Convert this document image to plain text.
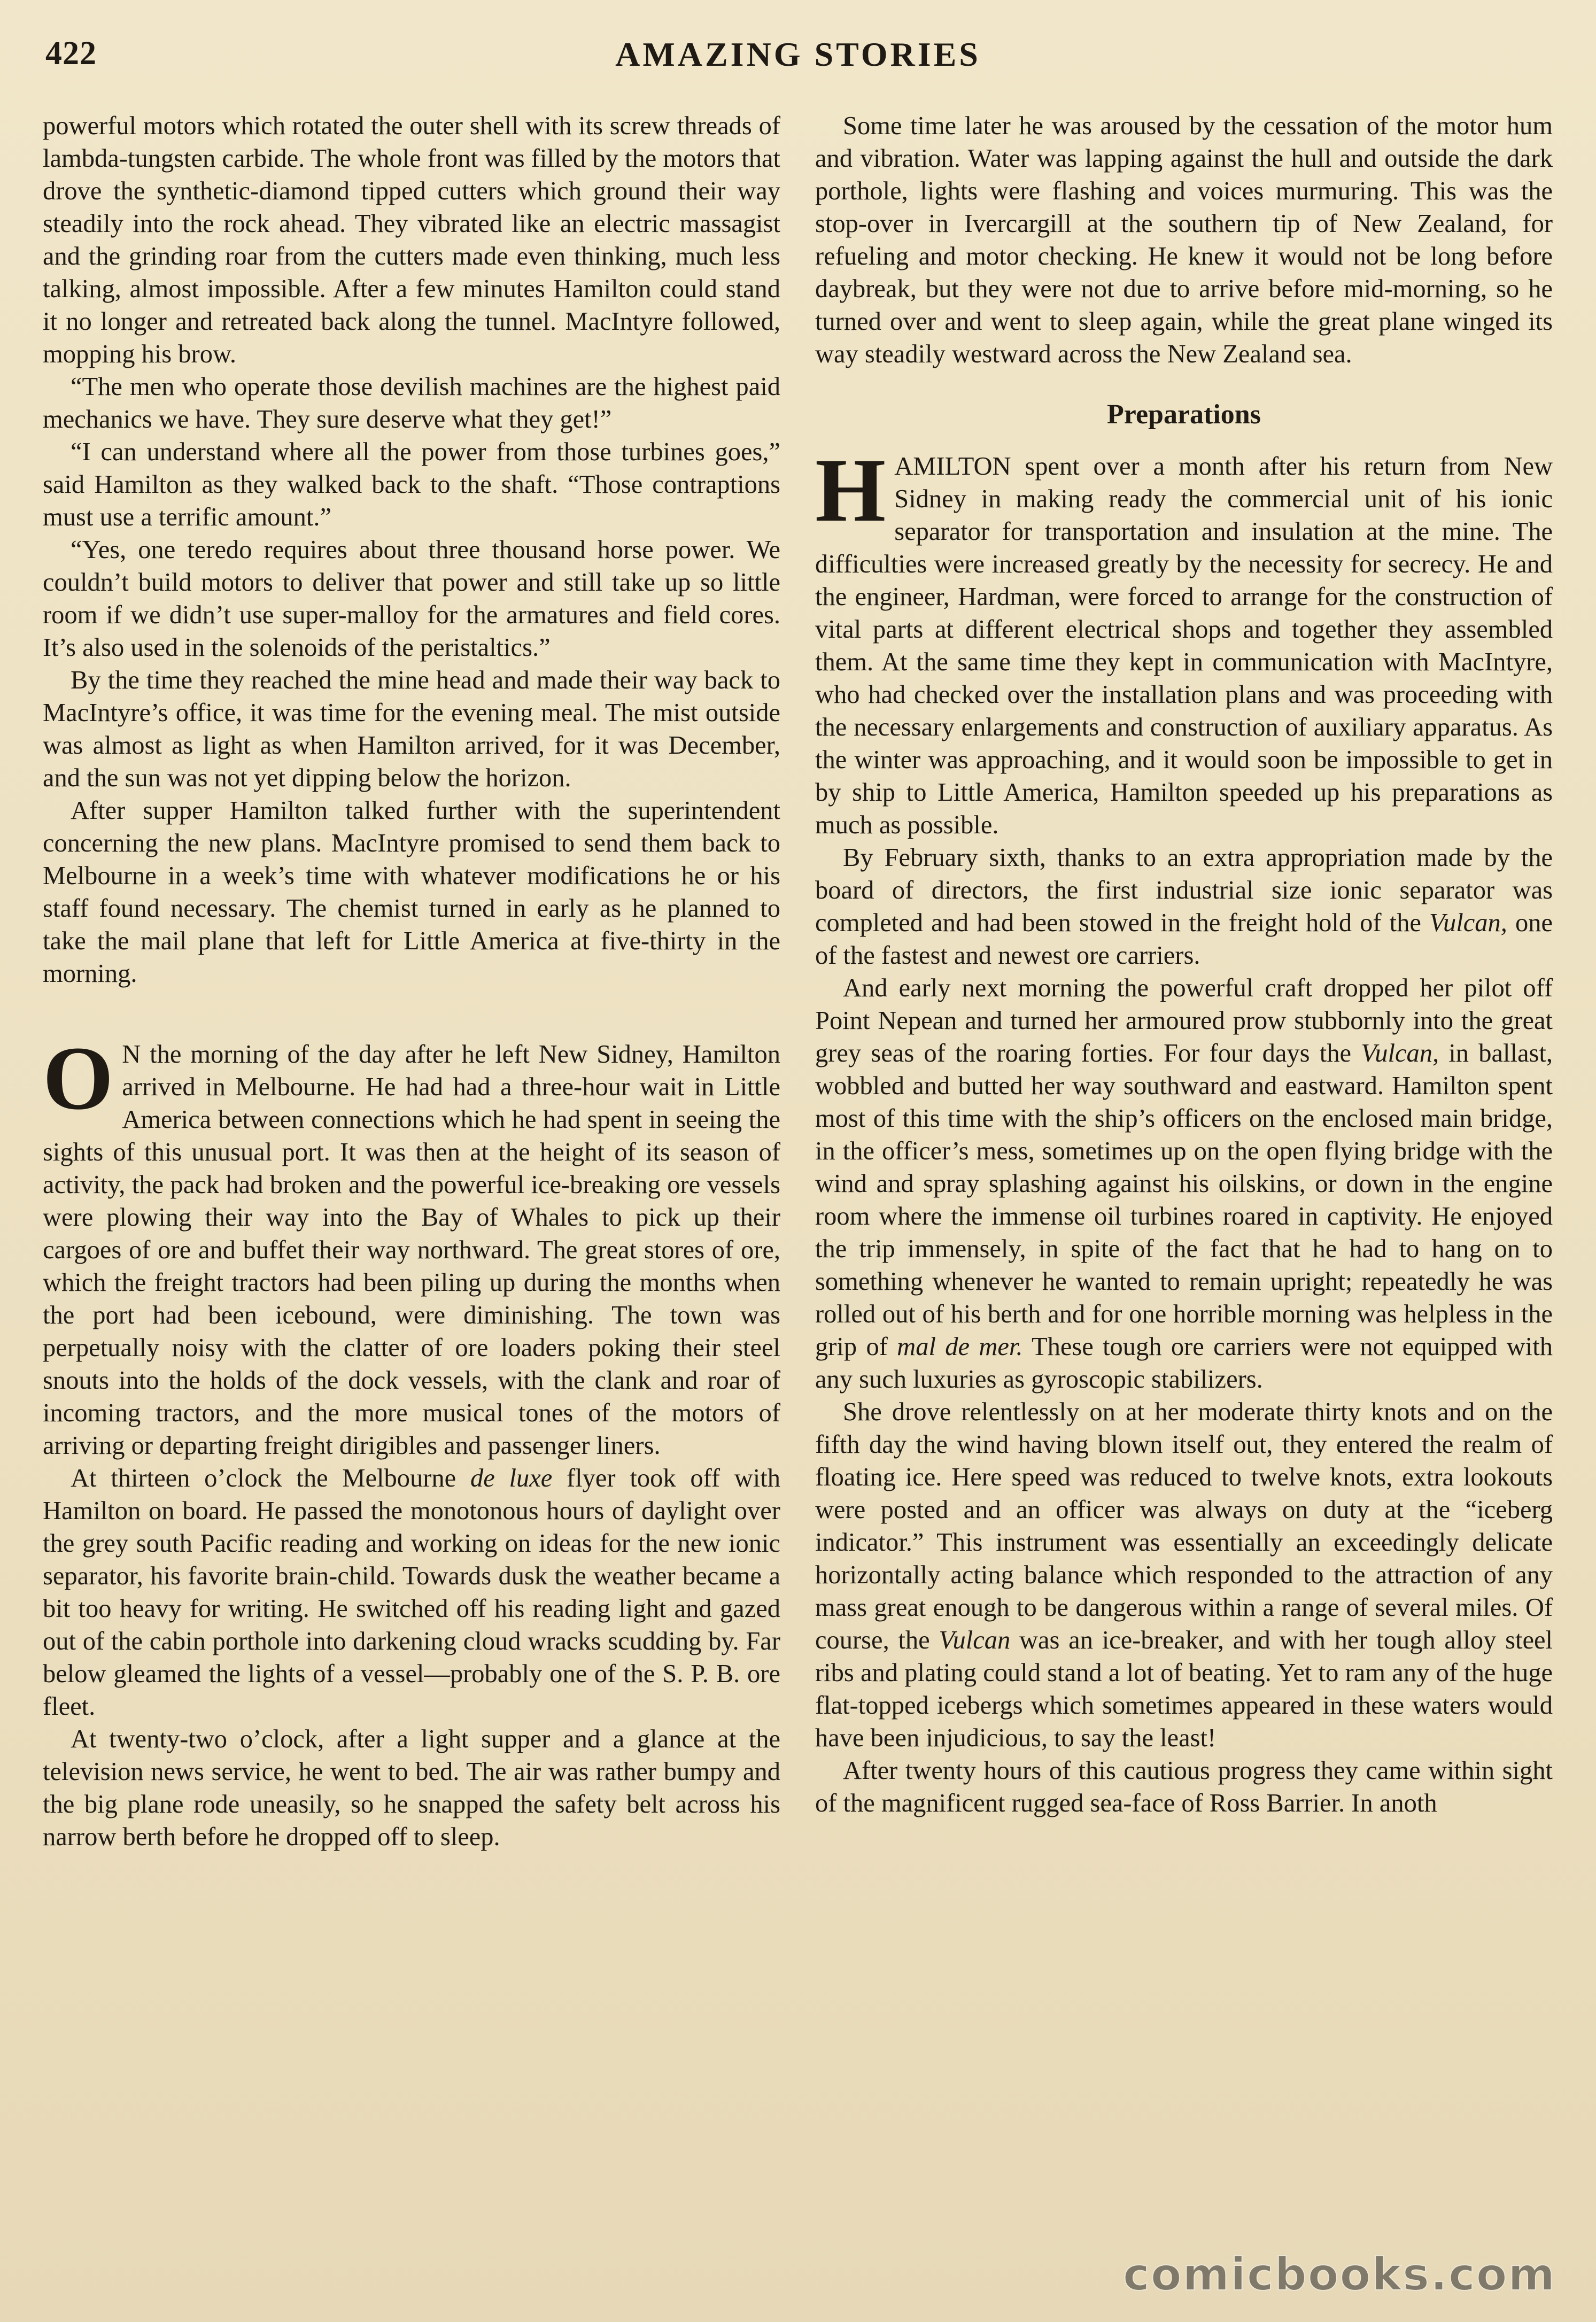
422	AMAZING STORIES

powerful motors which rotated the outer shell with its screw threads of lambda-tungsten carbide. The whole front was filled by the motors that drove the synthetic-diamond tipped cutters which ground their way steadily into the rock ahead. They vibrated like an electric massagist and the grinding roar from the cutters made even thinking, much less talking, almost impossible. After a few minutes Hamilton could stand it no longer and retreated back along the tunnel. MacIntyre followed, mopping his brow.

“The men who operate those devilish machines are the highest paid mechanics we have. They sure deserve what they get!”

“I can understand where all the power from those turbines goes,” said Hamilton as they walked back to the shaft. “Those contraptions must use a terrific amount.”

“Yes, one teredo requires about three thousand horse power. We couldn’t build motors to deliver that power and still take up so little room if we didn’t use super-malloy for the armatures and field cores. It’s also used in the solenoids of the peristaltics.”

By the time they reached the mine head and made their way back to MacIntyre’s office, it was time for the evening meal. The mist outside was almost as light as when Hamilton arrived, for it was December, and the sun was not yet dipping below the horizon.

After supper Hamilton talked further with the superintendent concerning the new plans. MacIntyre promised to send them back to Melbourne in a week’s time with whatever modifications he or his staff found necessary. The chemist turned in early as he planned to take the mail plane that left for Little America at five-thirty in the morning.

O N the morning of the day after he left New Sidney, Hamilton arrived in Melbourne. He had had a three-hour wait in Little America between connections which he had spent in seeing the sights of this unusual port. It was then at the height of its season of activity, the pack had broken and the powerful ice-breaking ore vessels were plowing their way into the Bay of Whales to pick up their cargoes of ore and buffet their way northward. The great stores of ore, which the freight tractors had been piling up during the months when the port had been icebound, were diminishing. The town was perpetually noisy with the clatter of ore loaders poking their steel snouts into the holds of the dock vessels, with the clank and roar of incoming tractors, and the more musical tones of the motors of arriving or departing freight dirigibles and passenger liners.

At thirteen o’clock the Melbourne de luxe flyer took off with Hamilton on board. He passed the monotonous hours of daylight over the grey south Pacific reading and working on ideas for the new ionic separator, his favorite brain-child. Towards dusk the weather became a bit too heavy for writing. He switched off his reading light and gazed out of the cabin porthole into darkening cloud wracks scudding by. Far below gleamed the lights of a vessel—probably one of the S. P. B. ore fleet.

At twenty-two o’clock, after a light supper and a glance at the television news service, he went to bed. The air was rather bumpy and the big plane rode uneasily, so he snapped the safety belt across his narrow berth before he dropped off to sleep.

Some time later he was aroused by the cessation of the motor hum and vibration. Water was lapping against the hull and outside the dark porthole, lights were flashing and voices murmuring. This was the stop-over in Ivercargill at the southern tip of New Zealand, for refueling and motor checking. He knew it would not be long before daybreak, but they were not due to arrive before mid-morning, so he turned over and went to sleep again, while the great plane winged its way steadily westward across the New Zealand sea.

Preparations

HAMILTON spent over a month after his return from New Sidney in making ready the commercial unit of his ionic separator for transportation and insulation at the mine. The difficulties were increased greatly by the necessity for secrecy. He and the engineer, Hardman, were forced to arrange for the construction of vital parts at different electrical shops and together they assembled them. At the same time they kept in communication with MacIntyre, who had checked over the installation plans and was proceeding with the necessary enlargements and construction of auxiliary apparatus. As the winter was approaching, and it would soon be impossible to get in by ship to Little America, Hamilton speeded up his preparations as much as possible.

By February sixth, thanks to an extra appropriation made by the board of directors, the first industrial size ionic separator was completed and had been stowed in the freight hold of the Vulcan, one of the fastest and newest ore carriers.

And early next morning the powerful craft dropped her pilot off Point Nepean and turned her armoured prow stubbornly into the great grey seas of the roaring forties. For four days the Vulcan, in ballast, wobbled and butted her way southward and eastward. Hamilton spent most of this time with the ship’s officers on the enclosed main bridge, in the officer’s mess, sometimes up on the open flying bridge with the wind and spray splashing against his oilskins, or down in the engine room where the immense oil turbines roared in captivity. He enjoyed the trip immensely, in spite of the fact that he had to hang on to something whenever he wanted to remain upright; repeatedly he was rolled out of his berth and for one horrible morning was helpless in the grip of mal de mer. These tough ore carriers were not equipped with any such luxuries as gyroscopic stabilizers.

She drove relentlessly on at her moderate thirty knots and on the fifth day the wind having blown itself out, they entered the realm of floating ice. Here speed was reduced to twelve knots, extra lookouts were posted and an officer was always on duty at the “iceberg indicator.” This instrument was essentially an exceedingly delicate horizontally acting balance which responded to the attraction of any mass great enough to be dangerous within a range of several miles. Of course, the Vulcan was an ice-breaker, and with her tough alloy steel ribs and plating could stand a lot of beating. Yet to ram any of the huge flat-topped icebergs which sometimes appeared in these waters would have been injudicious, to say the least!

After twenty hours of this cautious progress they came within sight of the magnificent rugged sea-face of Ross Barrier. In anoth

comicbooks.com
